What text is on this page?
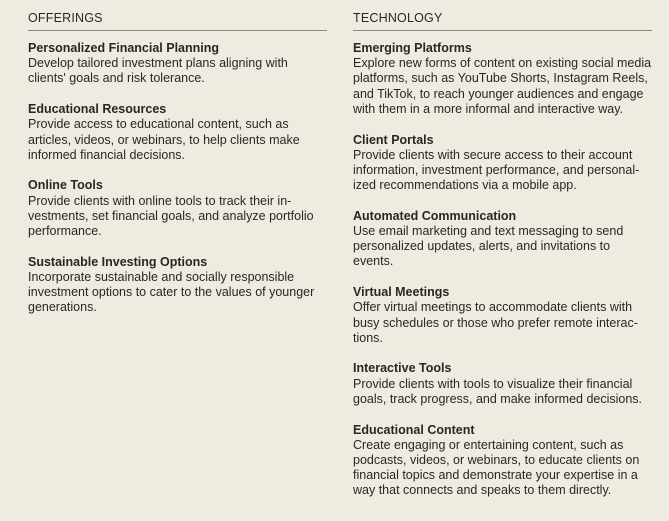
OFFERINGS

Personalized Financial Planning

Develop tailored investment plans aligning with clients' goals and risk tolerance.

Educational Resources

Provide access to educational content, such as articles, videos, or webinars, to help clients make informed financial decisions.

Online Tools

Provide clients with online tools to track their in-vestments, set financial goals, and analyze portfolio performance.

Sustainable Investing Options

Incorporate sustainable and socially responsible investment options to cater to the values of younger generations.

TECHNOLOGY

Emerging Platforms

Explore new forms of content on existing social media platforms, such as YouTube Shorts, Instagram Reels, and TikTok, to reach younger audiences and engage with them in a more informal and interactive way.

Client Portals

Provide clients with secure access to their account information, investment performance, and personal-ized recommendations via a mobile app.

Automated Communication

Use email marketing and text messaging to send personalized updates, alerts, and invitations to events.

Virtual Meetings

Offer virtual meetings to accommodate clients with busy schedules or those who prefer remote interac-tions.

Interactive Tools

Provide clients with tools to visualize their financial goals, track progress, and make informed decisions.

Educational Content

Create engaging or entertaining content, such as podcasts, videos, or webinars, to educate clients on financial topics and demonstrate your expertise in a way that connects and speaks to them directly.
